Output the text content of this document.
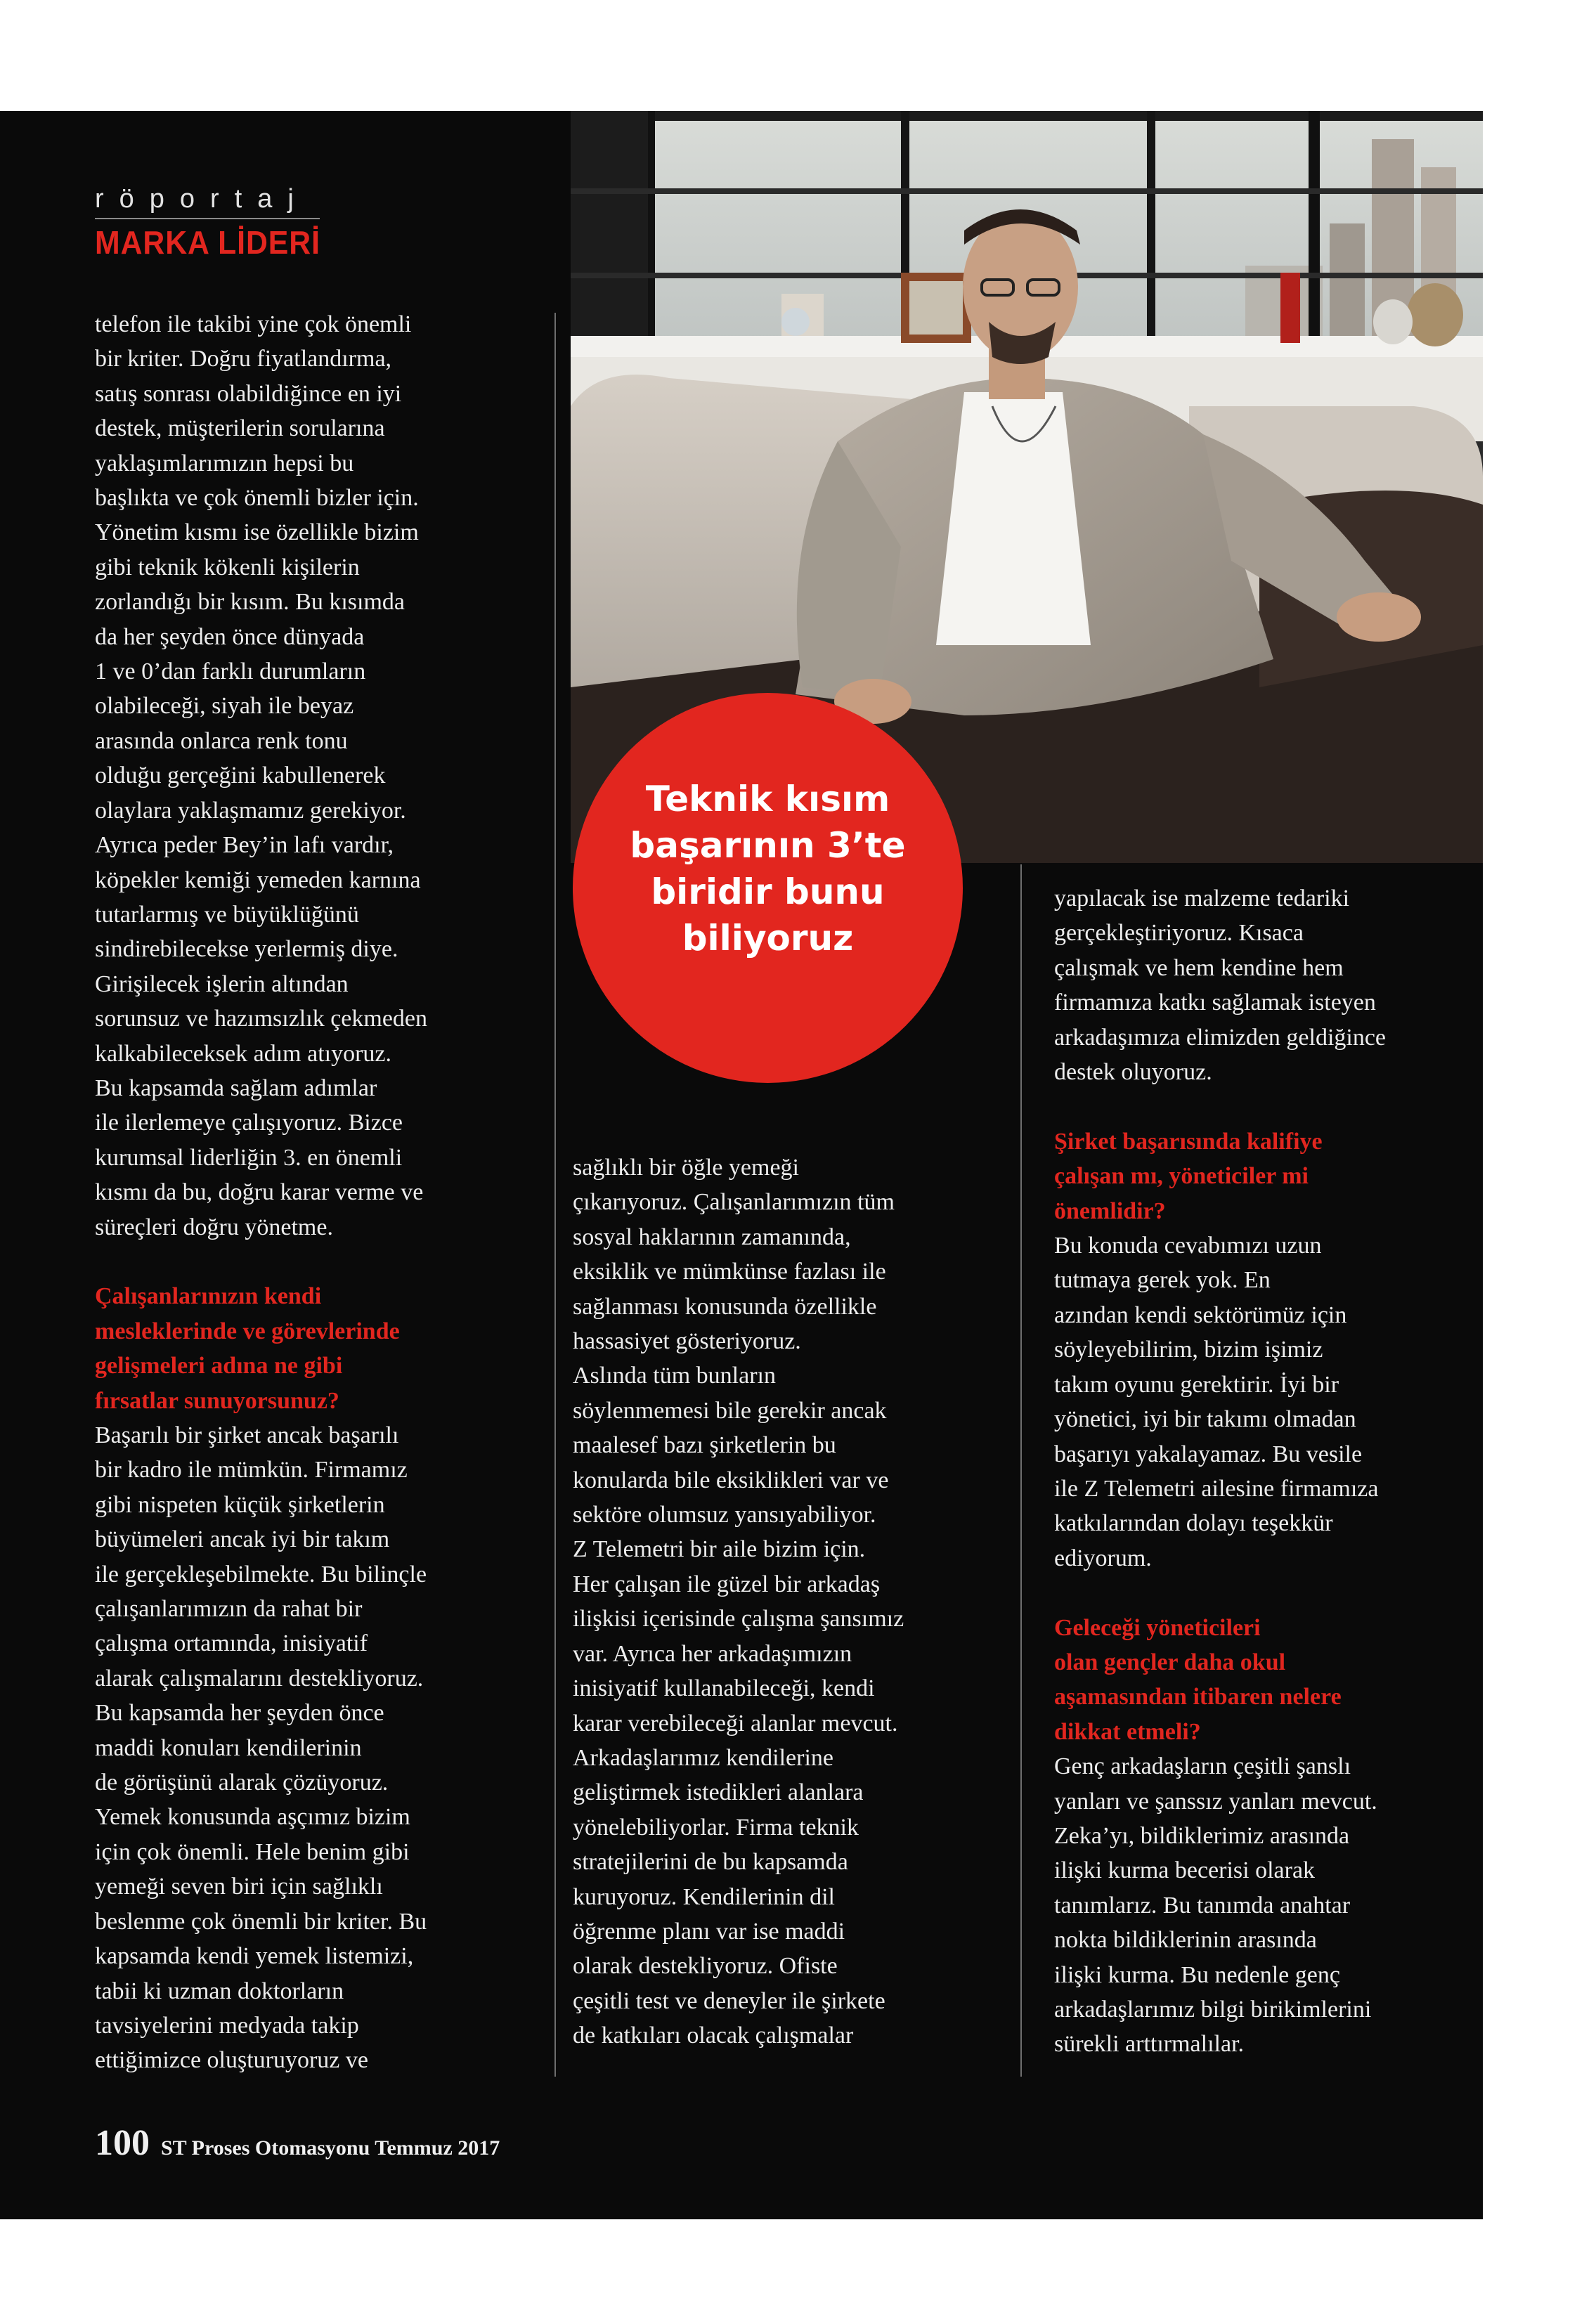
röportaj
MARKA LİDERİ
Teknik kısım
başarının 3’te
biridir bunu
biliyoruz
telefon ile takibi yine çok önemli
bir kriter. Doğru fiyatlandırma,
satış sonrası olabildiğince en iyi
destek, müşterilerin sorularına
yaklaşımlarımızın hepsi bu
başlıkta ve çok önemli bizler için.
Yönetim kısmı ise özellikle bizim
gibi teknik kökenli kişilerin
zorlandığı bir kısım. Bu kısımda
da her şeyden önce dünyada
1 ve 0’dan farklı durumların
olabileceği, siyah ile beyaz
arasında onlarca renk tonu
olduğu gerçeğini kabullenerek
olaylara yaklaşmamız gerekiyor.
Ayrıca peder Bey’in lafı vardır,
köpekler kemiği yemeden karnına
tutarlarmış ve büyüklüğünü
sindirebilecekse yerlermiş diye.
Girişilecek işlerin altından
sorunsuz ve hazımsızlık çekmeden
kalkabileceksek adım atıyoruz.
Bu kapsamda sağlam adımlar
ile ilerlemeye çalışıyoruz. Bizce
kurumsal liderliğin 3. en önemli
kısmı da bu, doğru karar verme ve
süreçleri doğru yönetme.

Çalışanlarınızın kendi
mesleklerinde ve görevlerinde
gelişmeleri adına ne gibi
fırsatlar sunuyorsunuz?
Başarılı bir şirket ancak başarılı
bir kadro ile mümkün. Firmamız
gibi nispeten küçük şirketlerin
büyümeleri ancak iyi bir takım
ile gerçekleşebilmekte. Bu bilinçle
çalışanlarımızın da rahat bir
çalışma ortamında, inisiyatif
alarak çalışmalarını destekliyoruz.
Bu kapsamda her şeyden önce
maddi konuları kendilerinin
de görüşünü alarak çözüyoruz.
Yemek konusunda aşçımız bizim
için çok önemli. Hele benim gibi
yemeği seven biri için sağlıklı
beslenme çok önemli bir kriter. Bu
kapsamda kendi yemek listemizi,
tabii ki uzman doktorların
tavsiyelerini medyada takip
ettiğimizce oluşturuyoruz ve
sağlıklı bir öğle yemeği
çıkarıyoruz. Çalışanlarımızın tüm
sosyal haklarının zamanında,
eksiklik ve mümkünse fazlası ile
sağlanması konusunda özellikle
hassasiyet gösteriyoruz.
Aslında tüm bunların
söylenmemesi bile gerekir ancak
maalesef bazı şirketlerin bu
konularda bile eksiklikleri var ve
sektöre olumsuz yansıyabiliyor.
Z Telemetri bir aile bizim için.
Her çalışan ile güzel bir arkadaş
ilişkisi içerisinde çalışma şansımız
var. Ayrıca her arkadaşımızın
inisiyatif kullanabileceği, kendi
karar verebileceği alanlar mevcut.
Arkadaşlarımız kendilerine
geliştirmek istedikleri alanlara
yönelebiliyorlar. Firma teknik
stratejilerini de bu kapsamda
kuruyoruz. Kendilerinin dil
öğrenme planı var ise maddi
olarak destekliyoruz. Ofiste
çeşitli test ve deneyler ile şirkete
de katkıları olacak çalışmalar
yapılacak ise malzeme tedariki
gerçekleştiriyoruz. Kısaca
çalışmak ve hem kendine hem
firmamıza katkı sağlamak isteyen
arkadaşımıza elimizden geldiğince
destek oluyoruz.

Şirket başarısında kalifiye
çalışan mı, yöneticiler mi
önemlidir?
Bu konuda cevabımızı uzun
tutmaya gerek yok. En
azından kendi sektörümüz için
söyleyebilirim, bizim işimiz
takım oyunu gerektirir. İyi bir
yönetici, iyi bir takımı olmadan
başarıyı yakalayamaz. Bu vesile
ile Z Telemetri ailesine firmamıza
katkılarından dolayı teşekkür
ediyorum.

Geleceği yöneticileri
olan gençler daha okul
aşamasından itibaren nelere
dikkat etmeli?
Genç arkadaşların çeşitli şanslı
yanları ve şanssız yanları mevcut.
Zeka’yı, bildiklerimiz arasında
ilişki kurma becerisi olarak
tanımlarız. Bu tanımda anahtar
nokta bildiklerinin arasında
ilişki kurma. Bu nedenle genç
arkadaşlarımız bilgi birikimlerini
sürekli arttırmalılar.
100 ST Proses Otomasyonu Temmuz 2017
